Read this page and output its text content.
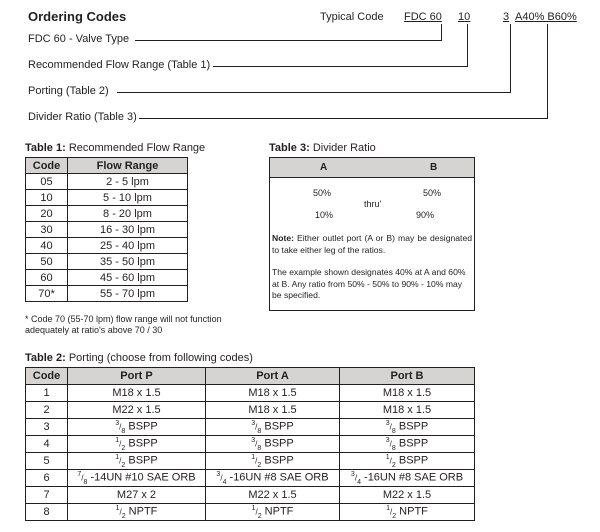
Ordering Codes	Typical Code FDC 60 10	3 A40% B60%
FDC 60 - Valve Type
Recommended Flow Range (Table 1)
Porting (Table 2)
Divider Ratio (Table 3)
Table 1: Recommended Flow Range
Code	Flow Range
05	2 - 5 lpm
10	5 - 10 lpm
20	8 - 20 lpm
30	16 - 30 lpm
40	25 - 40 lpm
50	35 - 50 lpm
60	45 - 60 lpm
70*	55 - 70 lpm
* Code 70 (55-70 lpm) flow range will not function adequately at ratio's above 70 / 30
Table 3: Divider Ratio
A	B
50%	50%
thru'
10%	90%
Note: Either outlet port (A or B) may be designated to take either leg of the ratios.
The example shown designates 40% at A and 60% at B. Any ratio from 50% - 50% to 90% - 10% may be specified.
Table 2: Porting (choose from following codes)
Code	Port P	Port A	Port B
1	M18 x 1.5	M18 x 1.5	M18 x 1.5
2	M22 x 1.5	M18 x 1.5	M18 x 1.5
3	$^3/_8$ BSPP	$^3/_8$ BSPP	$^3/_8$ BSPP
4	$^1/_2$ BSPP	$^3/_8$ BSPP	$^3/_8$ BSPP
5	$^1/_2$ BSPP	$^1/_2$ BSPP	$^1/_2$ BSPP
6	$^7/_8$ -14UN #10 SAE ORB	$^3/_4$ -16UN #8 SAE ORB	$^3/_4$ -16UN #8 SAE ORB
7	M27 x 2	M22 x 1.5	M22 x 1.5
8	$^1/_2$ NPTF	$^1/_2$ NPTF	$^1/_2$ NPTF
